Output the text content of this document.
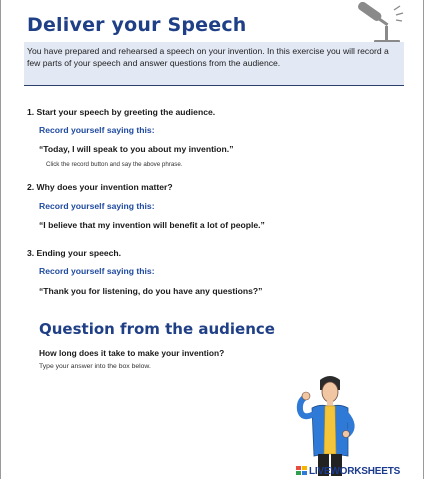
Deliver your Speech
You have prepared and rehearsed a speech on your invention. In this exercise you will record a few parts of your speech and answer questions from the audience.
1. Start your speech by greeting the audience.
Record yourself saying this:
“Today, I will speak to you about my invention.”
Click the record button and say the above phrase.
2. Why does your invention matter?
Record yourself saying this:
“I believe that my invention will benefit a lot of people.”
3. Ending your speech.
Record yourself saying this:
“Thank you for listening, do you have any questions?”
Question from the audience
How long does it take to make your invention?
Type your answer into the box below.
LIVEWORKSHEETS
